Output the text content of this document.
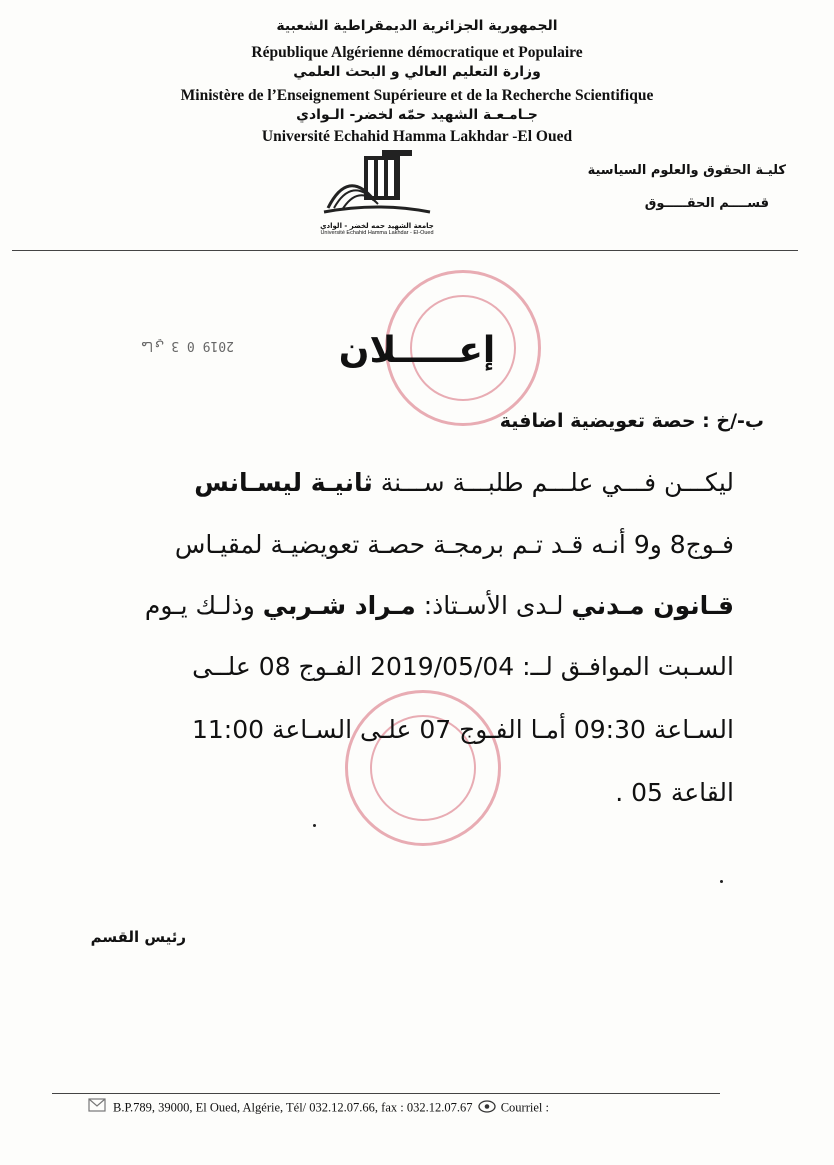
الجمهورية الجزائرية الديمقراطية الشعبية
République Algérienne démocratique et Populaire
وزارة التعليم العالي و البحث العلمي
Ministère de l’Enseignement Supérieure et de la Recherche Scientifique
جـامـعـة الشهيد حمّه لخضر- الـوادي
Université Echahid Hamma Lakhdar -El Oued
جامعة الشهيد حمه لخضر - الوادي
Université Echahid Hamma Lakhdar - El-Oued
كليـة الحقوق والعلوم السياسية
قســــم الحقـــــوق
2019 ماي 3 0	إعـــــلان
ب-/خ : حصة تعويضية اضافية
ليكـــن فـــي علـــم طلبـــة ســـنة ثانيـة ليسـانس
فـوج8 و9 أنـه قـد تـم برمجـة حصـة تعويضيـة لمقيـاس
قـانون مـدني لـدى الأسـتاذ: مـراد شـربي وذلـك يـوم
السـبت الموافـق لــ: 2019/05/04 الفـوج 08 علــى
السـاعة 09:30 أمـا الفـوج 07 علـى السـاعة 11:00
القاعة 05 .
رئيس القسم
B.P.789, 39000, El Oued, Algérie, Tél/ 032.12.07.66, fax : 032.12.07.67 Courriel :
